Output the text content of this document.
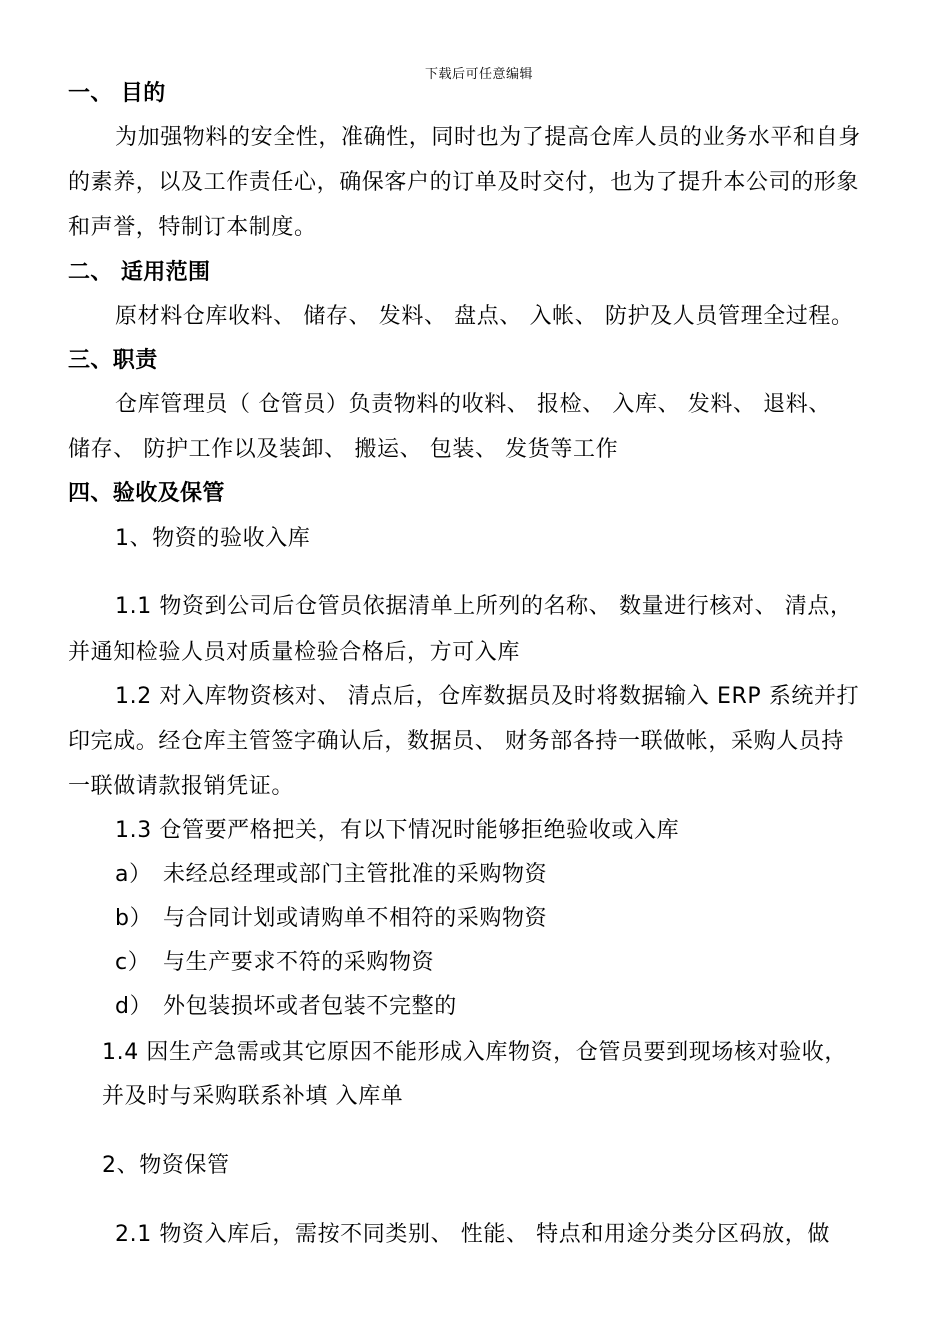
下载后可任意编辑
一、 目的
为加强物料的安全性，准确性，同时也为了提高仓库人员的业务水平和自身
的素养，以及工作责任心，确保客户的订单及时交付，也为了提升本公司的形象
和声誉，特制订本制度。
二、 适用范围
原材料仓库收料、 储存、 发料、 盘点、 入帐、 防护及人员管理全过程。
三、职责
仓库管理员（ 仓管员）负责物料的收料、 报检、 入库、 发料、 退料、
储存、 防护工作以及装卸、 搬运、 包装、 发货等工作
四、验收及保管
1、物资的验收入库
1.1 物资到公司后仓管员依据清单上所列的名称、 数量进行核对、 清点，
并通知检验人员对质量检验合格后，方可入库
1.2 对入库物资核对、 清点后，仓库数据员及时将数据输入 ERP 系统并打
印完成。经仓库主管签字确认后，数据员、 财务部各持一联做帐，采购人员持
一联做请款报销凭证。
1.3 仓管要严格把关，有以下情况时能够拒绝验收或入库
a） 未经总经理或部门主管批准的采购物资
b） 与合同计划或请购单不相符的采购物资
c） 与生产要求不符的采购物资
d） 外包装损坏或者包装不完整的
1.4 因生产急需或其它原因不能形成入库物资，仓管员要到现场核对验收，
并及时与采购联系补填 入库单
2、物资保管
2.1 物资入库后，需按不同类别、 性能、 特点和用途分类分区码放，做
